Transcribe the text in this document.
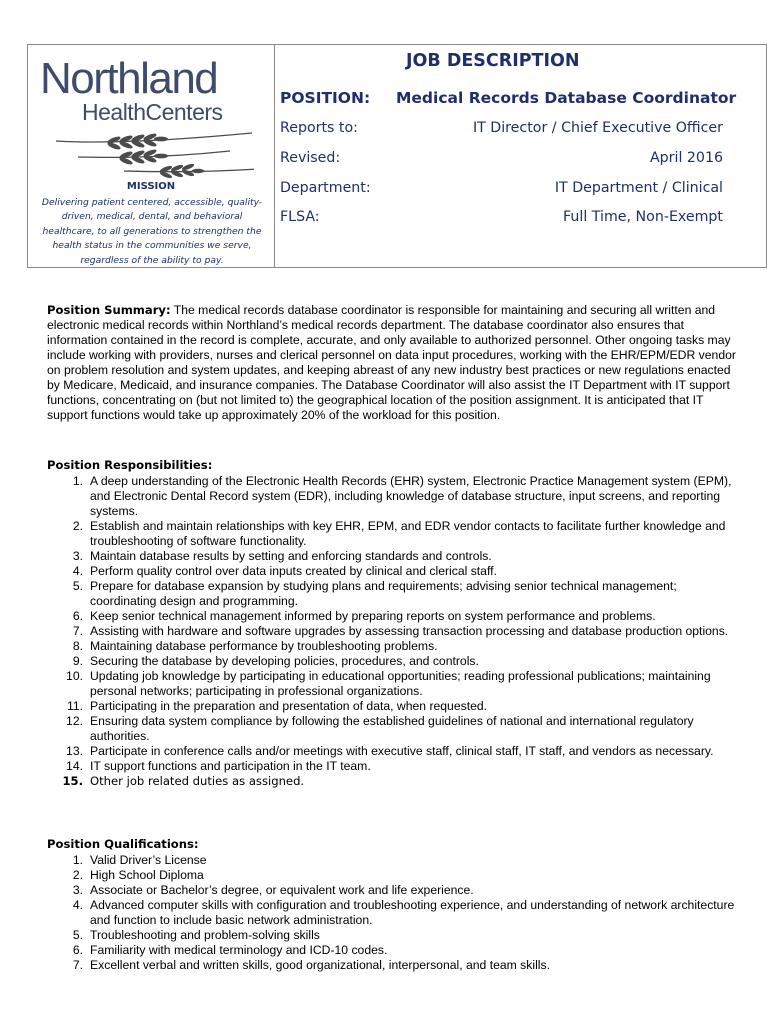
Northland
HealthCenters
MISSION
Delivering patient centered, accessible, quality-driven, medical, dental, and behavioral healthcare, to all generations to strengthen the health status in the communities we serve, regardless of the ability to pay.
JOB DESCRIPTION
POSITION: Medical Records Database Coordinator
Reports to:	IT Director / Chief Executive Officer
Revised:	April 2016
Department:	IT Department / Clinical
FLSA:	Full Time, Non-Exempt
Position Summary: The medical records database coordinator is responsible for maintaining and securing all written and electronic medical records within Northland’s medical records department. The database coordinator also ensures that information contained in the record is complete, accurate, and only available to authorized personnel. Other ongoing tasks may include working with providers, nurses and clerical personnel on data input procedures, working with the EHR/EPM/EDR vendor on problem resolution and system updates, and keeping abreast of any new industry best practices or new regulations enacted by Medicare, Medicaid, and insurance companies. The Database Coordinator will also assist the IT Department with IT support functions, concentrating on (but not limited to) the geographical location of the position assignment. It is anticipated that IT support functions would take up approximately 20% of the workload for this position.
Position Responsibilities:
1. A deep understanding of the Electronic Health Records (EHR) system, Electronic Practice Management system (EPM), and Electronic Dental Record system (EDR), including knowledge of database structure, input screens, and reporting systems.
2. Establish and maintain relationships with key EHR, EPM, and EDR vendor contacts to facilitate further knowledge and troubleshooting of software functionality.
3. Maintain database results by setting and enforcing standards and controls.
4. Perform quality control over data inputs created by clinical and clerical staff.
5. Prepare for database expansion by studying plans and requirements; advising senior technical management; coordinating design and programming.
6. Keep senior technical management informed by preparing reports on system performance and problems.
7. Assisting with hardware and software upgrades by assessing transaction processing and database production options.
8. Maintaining database performance by troubleshooting problems.
9. Securing the database by developing policies, procedures, and controls.
10. Updating job knowledge by participating in educational opportunities; reading professional publications; maintaining personal networks; participating in professional organizations.
11. Participating in the preparation and presentation of data, when requested.
12. Ensuring data system compliance by following the established guidelines of national and international regulatory authorities.
13. Participate in conference calls and/or meetings with executive staff, clinical staff, IT staff, and vendors as necessary.
14. IT support functions and participation in the IT team.
15. Other job related duties as assigned.
Position Qualifications:
1. Valid Driver’s License
2. High School Diploma
3. Associate or Bachelor’s degree, or equivalent work and life experience.
4. Advanced computer skills with configuration and troubleshooting experience, and understanding of network architecture and function to include basic network administration.
5. Troubleshooting and problem-solving skills
6. Familiarity with medical terminology and ICD-10 codes.
7. Excellent verbal and written skills, good organizational, interpersonal, and team skills.
